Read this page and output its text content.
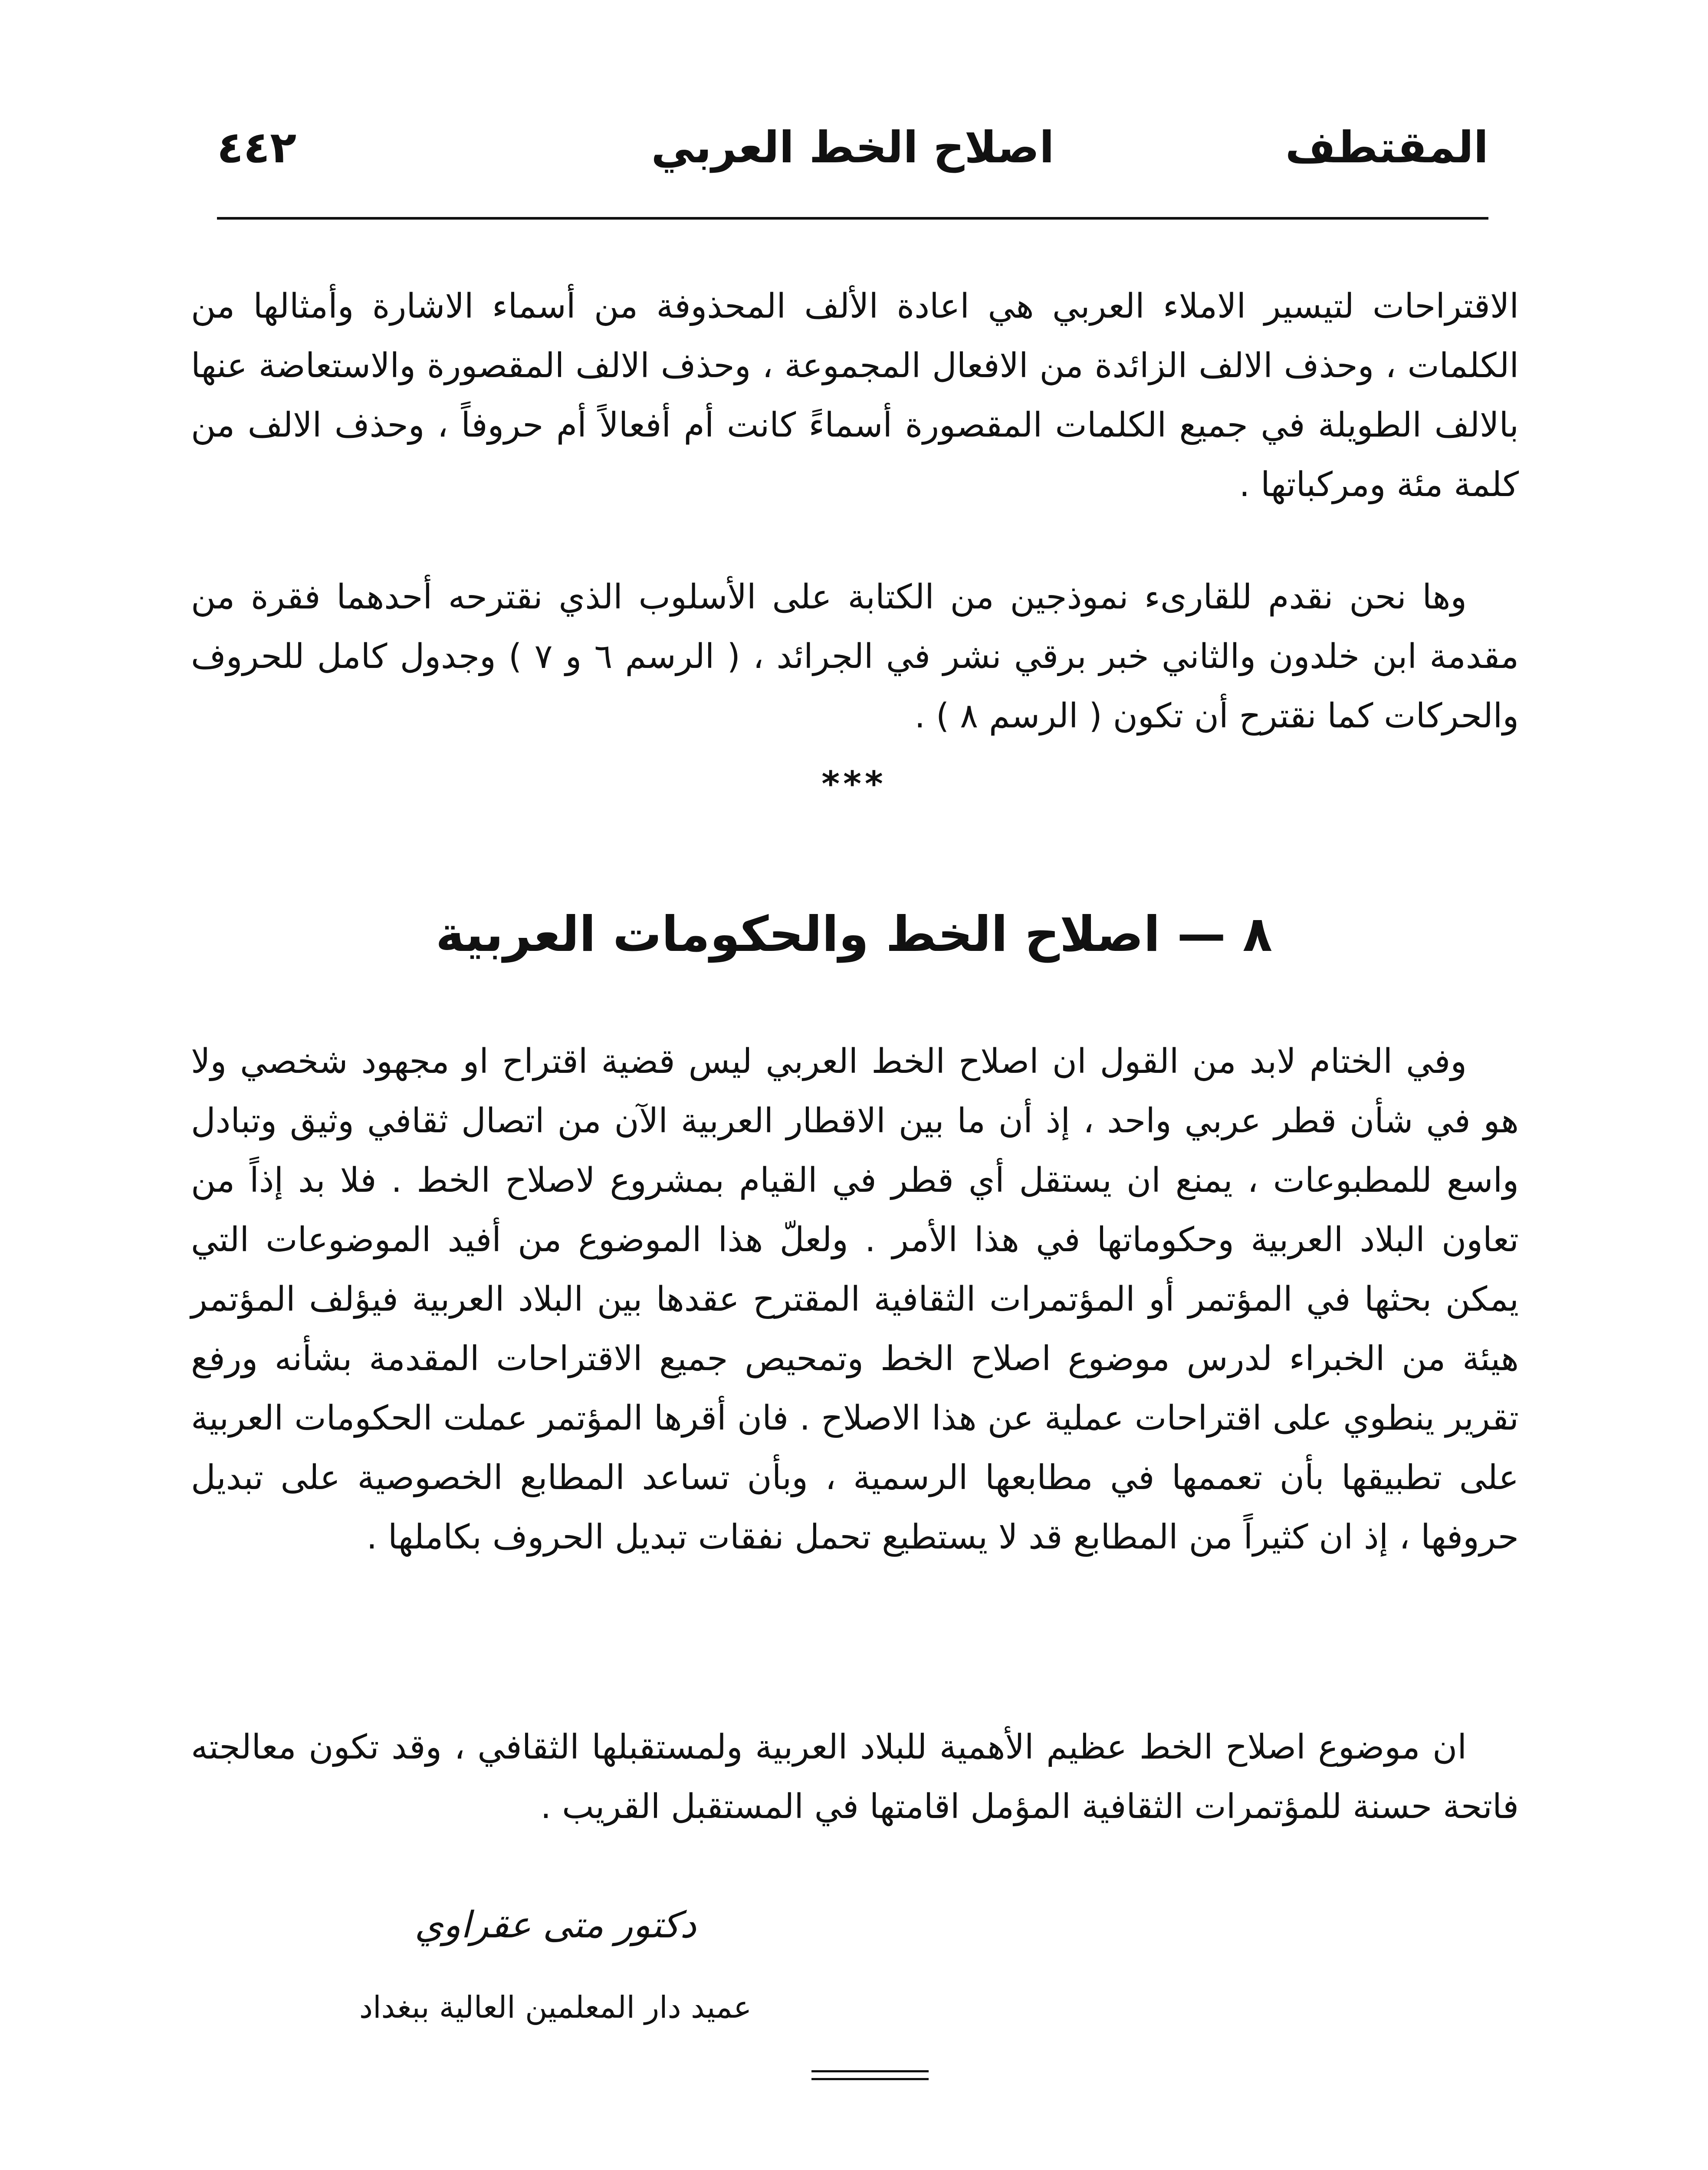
المقتطف
اصلاح الخط العربي
٤٤٢

الاقتراحات لتيسير الاملاء العربي هي اعادة الألف المحذوفة من أسماء الاشارة وأمثالها من الكلمات ، وحذف الالف الزائدة من الافعال المجموعة ، وحذف الالف المقصورة والاستعاضة عنها بالالف الطويلة في جميع الكلمات المقصورة أسماءً كانت أم أفعالاً أم حروفاً ، وحذف الالف من كلمة مئة ومركباتها .

وها نحن نقدم للقارىء نموذجين من الكتابة على الأسلوب الذي نقترحه أحدهما فقرة من مقدمة ابن خلدون والثاني خبر برقي نشر في الجرائد ، ( الرسم ٦ و ٧ ) وجدول كامل للحروف والحركات كما نقترح أن تكون ( الرسم ٨ ) .

***
٨ — اصلاح الخط والحكومات العربية

وفي الختام لابد من القول ان اصلاح الخط العربي ليس قضية اقتراح او مجهود شخصي ولا هو في شأن قطر عربي واحد ، إذ أن ما بين الاقطار العربية الآن من اتصال ثقافي وثيق وتبادل واسع للمطبوعات ، يمنع ان يستقل أي قطر في القيام بمشروع لاصلاح الخط . فلا بد إذاً من تعاون البلاد العربية وحكوماتها في هذا الأمر . ولعلّ هذا الموضوع من أفيد الموضوعات التي يمكن بحثها في المؤتمر أو المؤتمرات الثقافية المقترح عقدها بين البلاد العربية فيؤلف المؤتمر هيئة من الخبراء لدرس موضوع اصلاح الخط وتمحيص جميع الاقتراحات المقدمة بشأنه ورفع تقرير ينطوي على اقتراحات عملية عن هذا الاصلاح . فان أقرها المؤتمر عملت الحكومات العربية على تطبيقها بأن تعممها في مطابعها الرسمية ، وبأن تساعد المطابع الخصوصية على تبديل حروفها ، إذ ان كثيراً من المطابع قد لا يستطيع تحمل نفقات تبديل الحروف بكاملها .

ان موضوع اصلاح الخط عظيم الأهمية للبلاد العربية ولمستقبلها الثقافي ، وقد تكون معالجته فاتحة حسنة للمؤتمرات الثقافية المؤمل اقامتها في المستقبل القريب .

دكتور متى عقراوي
عميد دار المعلمين العالية ببغداد
